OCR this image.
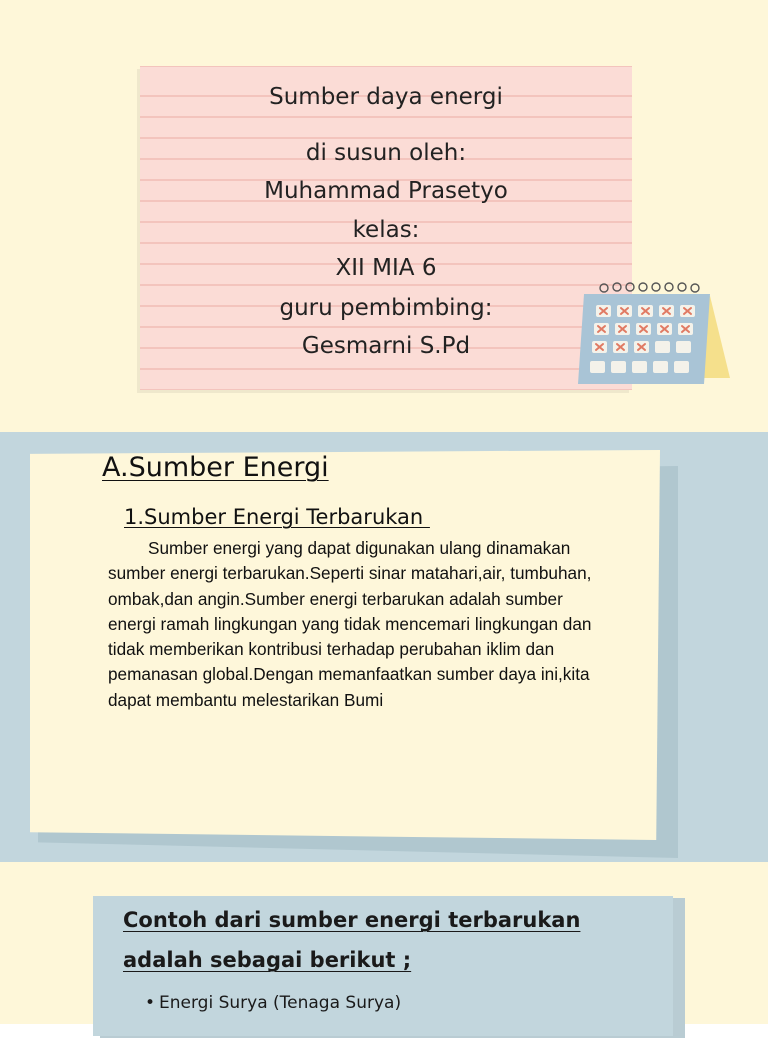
Sumber daya energi
di susun oleh:
Muhammad Prasetyo
kelas:
XII MIA 6
guru pembimbing:
Gesmarni S.Pd
A.Sumber Energi
1.Sumber Energi Terbarukan
Sumber energi yang dapat digunakan ulang dinamakan sumber energi terbarukan.Seperti sinar matahari,air, tumbuhan, ombak,dan angin.Sumber energi terbarukan adalah sumber energi ramah lingkungan yang tidak mencemari lingkungan dan tidak memberikan kontribusi terhadap perubahan iklim dan pemanasan global.Dengan memanfaatkan sumber daya ini,kita dapat membantu melestarikan Bumi
Contoh dari sumber energi terbarukan adalah sebagai berikut ;
• Energi Surya (Tenaga Surya)
